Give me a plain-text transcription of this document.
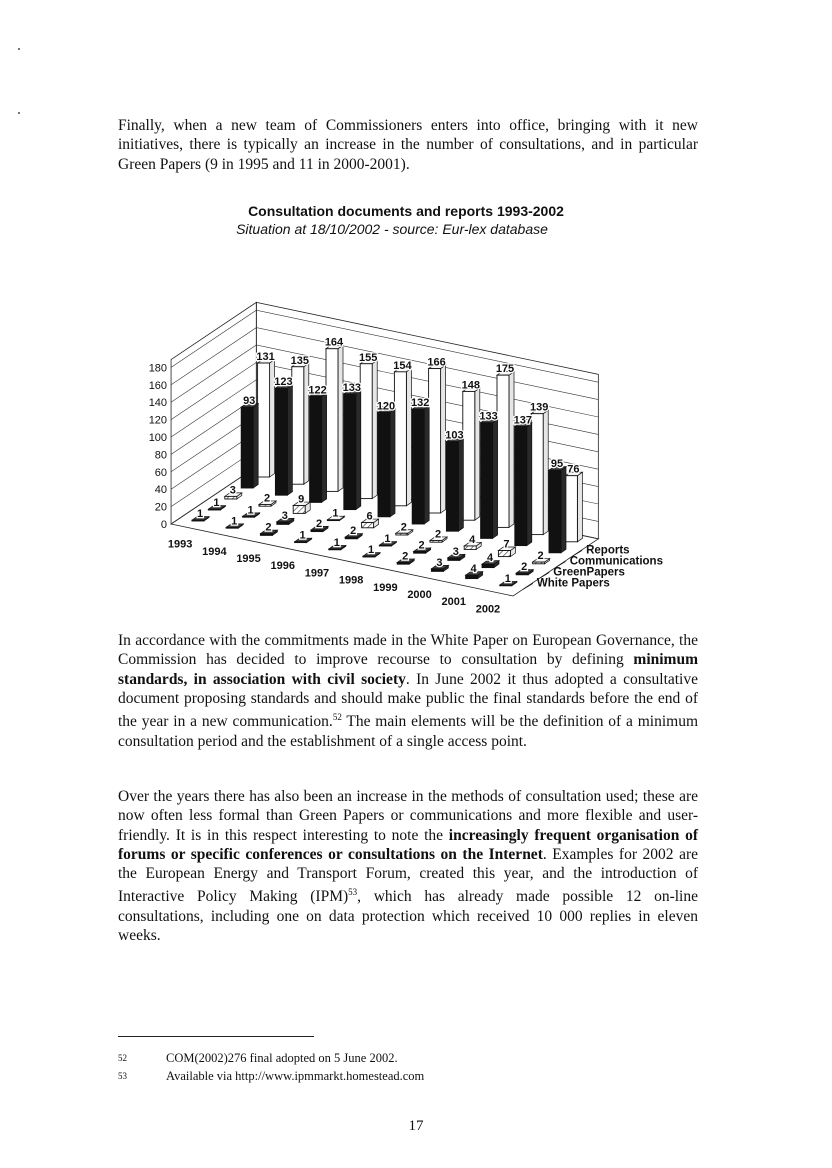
Finally, when a new team of Commissioners enters into office, bringing with it new initiatives, there is typically an increase in the number of consultations, and in particular Green Papers (9 in 1995 and 11 in 2000-2001).

Consultation documents and reports 1993-2002
Situation at 18/10/2002 - source: Eur-lex database
0
20
40
60
80
100
120
140
160
180
1993
1994
1995
1996
1997
1998
1999
2000
2001
2002
131 135
164
155
154 166
148
175
139
76
93
123
122 133
120 132
103
133 137
95
3
2	9
1	6
2
2	4	7
2
1
1	3
2
2
1
2
3
4
2
1
1
2
1
1
1
2
3
4
1 White Papers
GreenPapers
Communications
Reports

In accordance with the commitments made in the White Paper on European Governance, the Commission has decided to improve recourse to consultation by defining minimum standards, in association with civil society. In June 2002 it thus adopted a consultative document proposing standards and should make public the final standards before the end of the year in a new communication.$^{52}$ The main elements will be the definition of a minimum consultation period and the establishment of a single access point.

Over the years there has also been an increase in the methods of consultation used; these are now often less formal than Green Papers or communications and more flexible and user-friendly. It is in this respect interesting to note the increasingly frequent organisation of forums or specific conferences or consultations on the Internet. Examples for 2002 are the European Energy and Transport Forum, created this year, and the introduction of Interactive Policy Making (IPM)$^{53}$, which has already made possible 12 on-line consultations, including one on data protection which received 10 000 replies in eleven weeks.

52	COM(2002)276 final adopted on 5 June 2002.
53	Available via http://www.ipmmarkt.homestead.com
17
